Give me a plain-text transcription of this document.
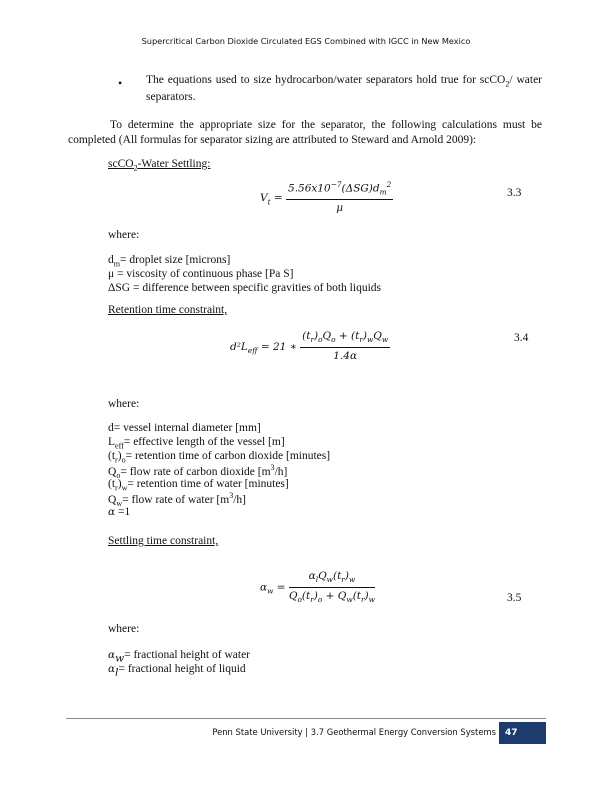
Supercritical Carbon Dioxide Circulated EGS Combined with IGCC in New Mexico
• The equations used to size hydrocarbon/water separators hold true for scCO$_2$/ water separators.
To determine the appropriate size for the separator, the following calculations must be completed (All formulas for separator sizing are attributed to Steward and Arnold 2009):
scCO$_2$-Water Settling:
$V_t = \frac{5.56x10^{-7}(\Delta SG)d_m^2}{\mu}$	3.3
where:
$d_m=$ droplet size [microns]
μ = viscosity of continuous phase [Pa S]
ΔSG = difference between specific gravities of both liquids
Retention time constraint,
$d^2L_{eff} = 21$ ∗ $\frac{(t_r)_oQ_o + (t_r)_wQ_w}{1.4\alpha}$	3.4
where:
d= vessel internal diameter [mm]
$L_{eff}=$ effective length of the vessel [m]
$(t_r)_o=$ retention time of carbon dioxide [minutes]
$Q_o=$ flow rate of carbon dioxide $[m^3/h]$
$(t_r)_w=$ retention time of water [minutes]
$Q_w=$ flow rate of water $[m^3/h]$
α =1
Settling time constraint,
$\alpha_w = \frac{\alpha_lQ_w(t_r)_w}{Q_o(t_r)_o + Q_w(t_r)_w}$	3.5
where:
$\alpha_w=$ fractional height of water
$\alpha_l=$ fractional height of liquid
Penn State University | 3.7 Geothermal Energy Conversion Systems	47
